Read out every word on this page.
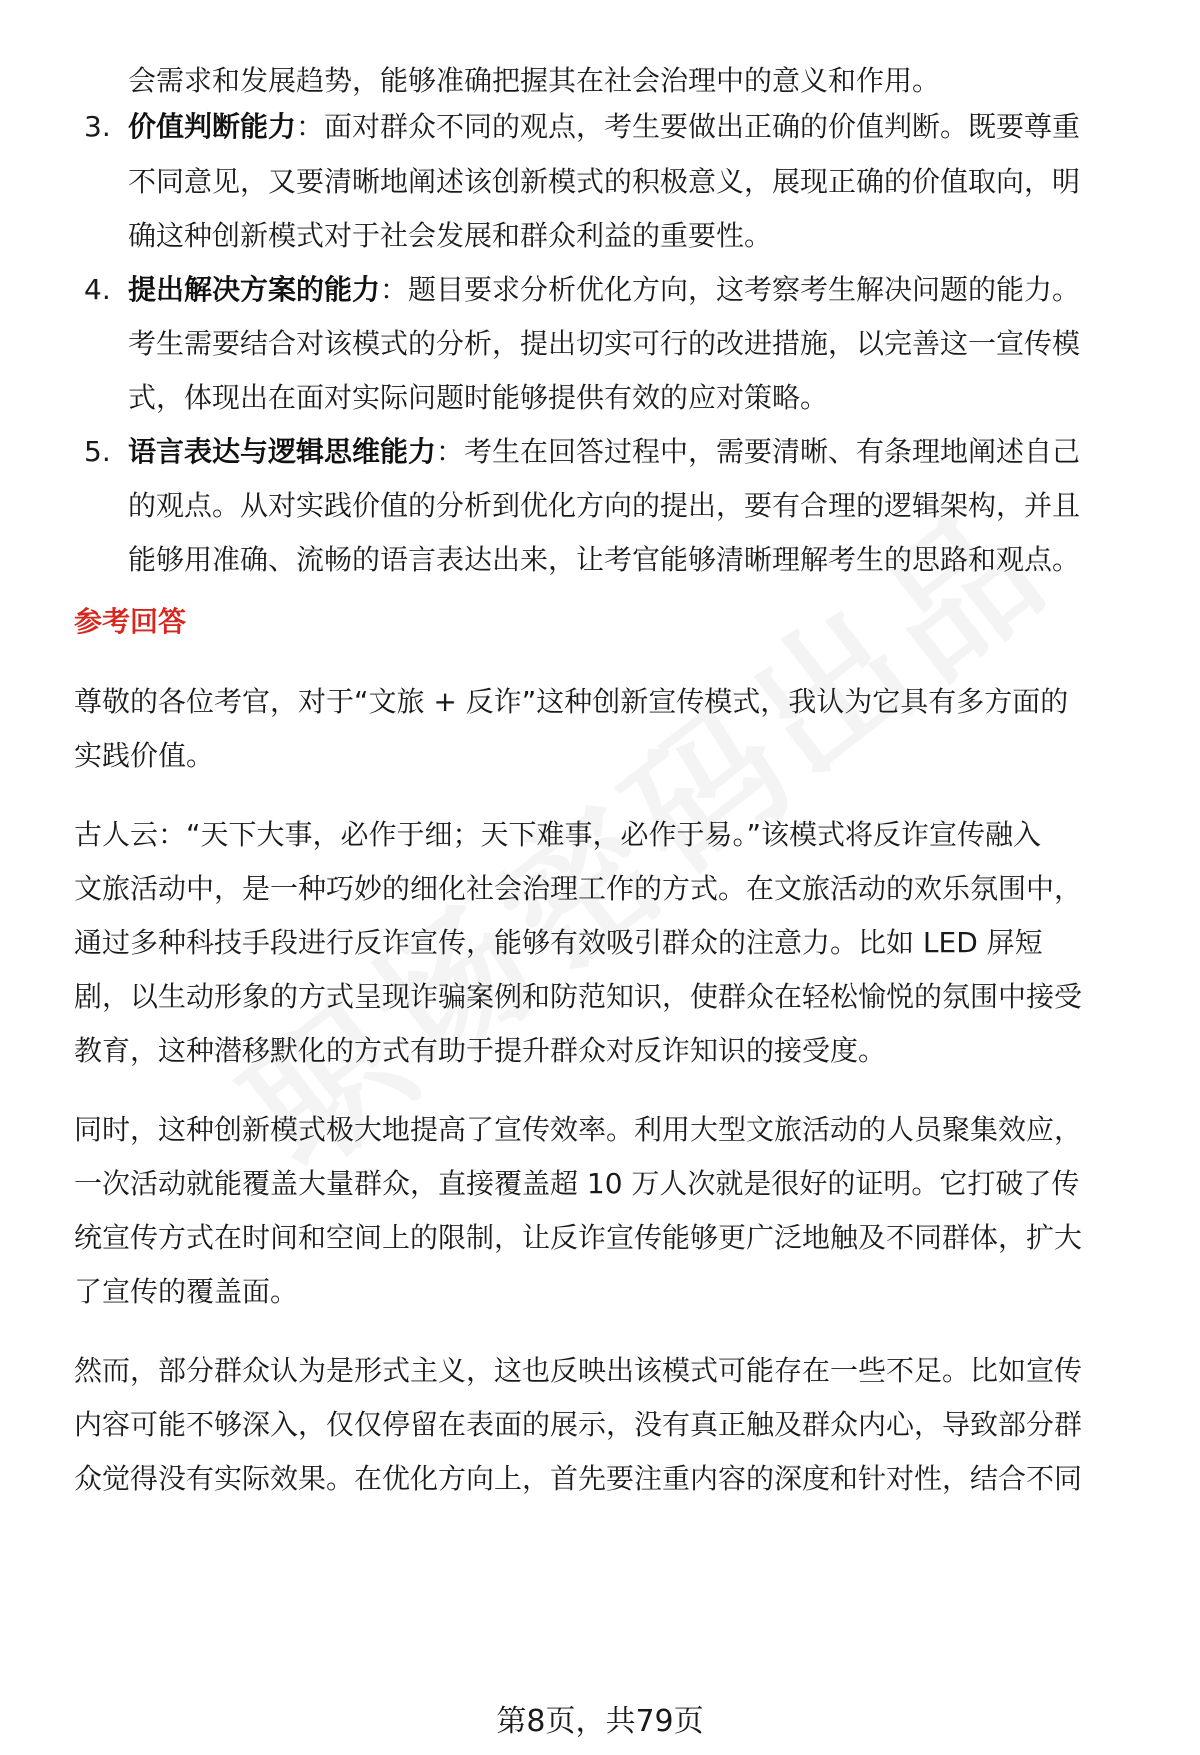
会需求和发展趋势，能够准确把握其在社会治理中的意义和作用。
3. 价值判断能力：面对群众不同的观点，考生要做出正确的价值判断。既要尊重
不同意见，又要清晰地阐述该创新模式的积极意义，展现正确的价值取向，明
确这种创新模式对于社会发展和群众利益的重要性。
4. 提出解决方案的能力：题目要求分析优化方向，这考察考生解决问题的能力。
考生需要结合对该模式的分析，提出切实可行的改进措施，以完善这一宣传模
式，体现出在面对实际问题时能够提供有效的应对策略。
5. 语言表达与逻辑思维能力：考生在回答过程中，需要清晰、有条理地阐述自己
的观点。从对实践价值的分析到优化方向的提出，要有合理的逻辑架构，并且
能够用准确、流畅的语言表达出来，让考官能够清晰理解考生的思路和观点。
参考回答
尊敬的各位考官，对于“文旅 + 反诈”这种创新宣传模式，我认为它具有多方面的
实践价值。
古人云：“天下大事，必作于细；天下难事，必作于易。”该模式将反诈宣传融入
文旅活动中，是一种巧妙的细化社会治理工作的方式。在文旅活动的欢乐氛围中，
通过多种科技手段进行反诈宣传，能够有效吸引群众的注意力。比如 LED 屏短
剧，以生动形象的方式呈现诈骗案例和防范知识，使群众在轻松愉悦的氛围中接受
教育，这种潜移默化的方式有助于提升群众对反诈知识的接受度。
同时，这种创新模式极大地提高了宣传效率。利用大型文旅活动的人员聚集效应，
一次活动就能覆盖大量群众，直接覆盖超 10 万人次就是很好的证明。它打破了传
统宣传方式在时间和空间上的限制，让反诈宣传能够更广泛地触及不同群体，扩大
了宣传的覆盖面。
然而，部分群众认为是形式主义，这也反映出该模式可能存在一些不足。比如宣传
内容可能不够深入，仅仅停留在表面的展示，没有真正触及群众内心，导致部分群
众觉得没有实际效果。在优化方向上，首先要注重内容的深度和针对性，结合不同
第8页，共79页
